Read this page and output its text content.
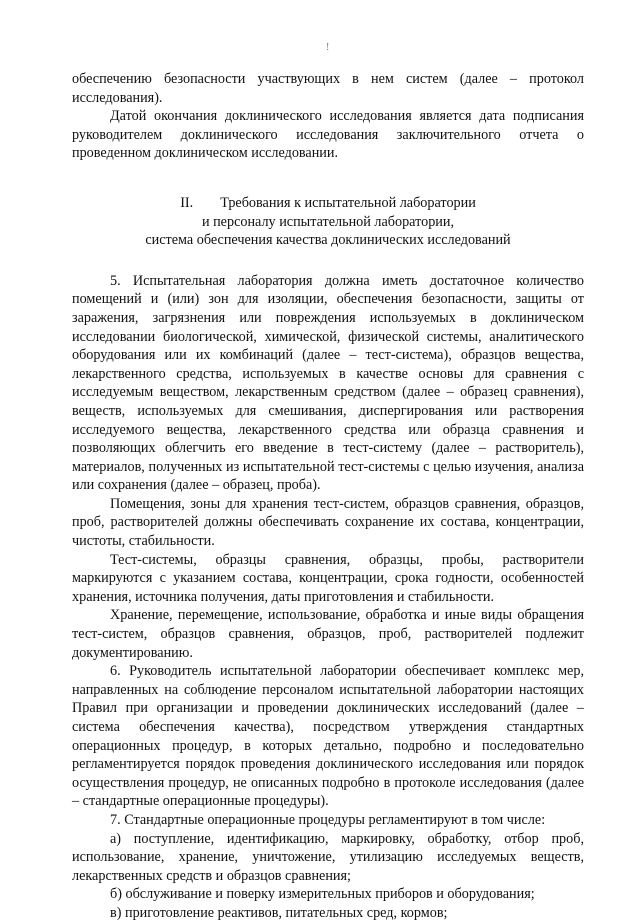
!

обеспечению безопасности участвующих в нем систем (далее – протокол исследования).

Датой окончания доклинического исследования является дата подписания руководителем доклинического исследования заключительного отчета о проведенном доклиническом исследовании.

II. Требования к испытательной лаборатории
и персоналу испытательной лаборатории,
система обеспечения качества доклинических исследований

5. Испытательная лаборатория должна иметь достаточное количество помещений и (или) зон для изоляции, обеспечения безопасности, защиты от заражения, загрязнения или повреждения используемых в доклиническом исследовании биологической, химической, физической системы, аналитического оборудования или их комбинаций (далее – тест-система), образцов вещества, лекарственного средства, используемых в качестве основы для сравнения с исследуемым веществом, лекарственным средством (далее – образец сравнения), веществ, используемых для смешивания, диспергирования или растворения исследуемого вещества, лекарственного средства или образца сравнения и позволяющих облегчить его введение в тест-систему (далее – растворитель), материалов, полученных из испытательной тест-системы с целью изучения, анализа или сохранения (далее – образец, проба).

Помещения, зоны для хранения тест-систем, образцов сравнения, образцов, проб, растворителей должны обеспечивать сохранение их состава, концентрации, чистоты, стабильности.

Тест-системы, образцы сравнения, образцы, пробы, растворители маркируются с указанием состава, концентрации, срока годности, особенностей хранения, источника получения, даты приготовления и стабильности.

Хранение, перемещение, использование, обработка и иные виды обращения тест-систем, образцов сравнения, образцов, проб, растворителей подлежит документированию.

6. Руководитель испытательной лаборатории обеспечивает комплекс мер, направленных на соблюдение персоналом испытательной лаборатории настоящих Правил при организации и проведении доклинических исследований (далее – система обеспечения качества), посредством утверждения стандартных операционных процедур, в которых детально, подробно и последовательно регламентируется порядок проведения доклинического исследования или порядок осуществления процедур, не описанных подробно в протоколе исследования (далее – стандартные операционные процедуры).

7. Стандартные операционные процедуры регламентируют в том числе:

а) поступление, идентификацию, маркировку, обработку, отбор проб, использование, хранение, уничтожение, утилизацию исследуемых веществ, лекарственных средств и образцов сравнения;

б) обслуживание и поверку измерительных приборов и оборудования;

в) приготовление реактивов, питательных сред, кормов;
